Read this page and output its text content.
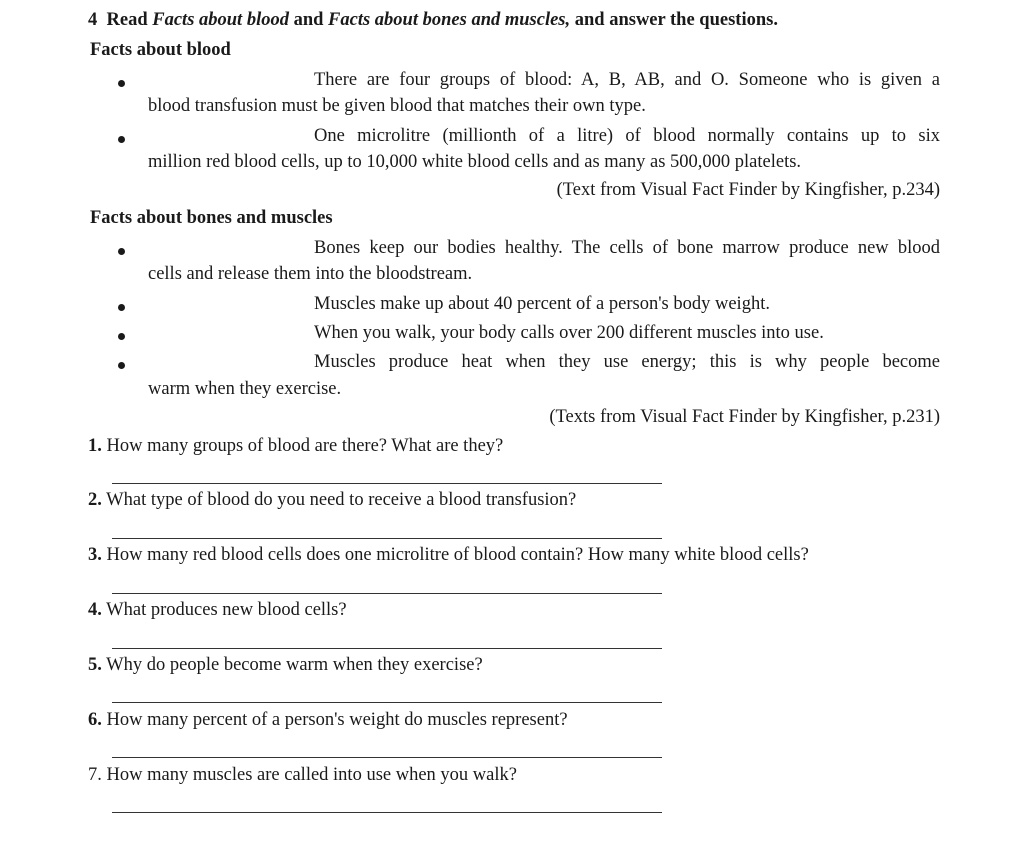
4 Read Facts about blood and Facts about bones and muscles, and answer the questions.
Facts about blood
There are four groups of blood: A, B, AB, and O. Someone who is given a
blood transfusion must be given blood that matches their own type.
One microlitre (millionth of a litre) of blood normally contains up to six
million red blood cells, up to 10,000 white blood cells and as many as 500,000 platelets.
(Text from Visual Fact Finder by Kingfisher, p.234)
Facts about bones and muscles
Bones keep our bodies healthy. The cells of bone marrow produce new blood
cells and release them into the bloodstream.
Muscles make up about 40 percent of a person's body weight.
When you walk, your body calls over 200 different muscles into use.
Muscles produce heat when they use energy; this is why people become
warm when they exercise.
(Texts from Visual Fact Finder by Kingfisher, p.231)
1. How many groups of blood are there? What are they?
2. What type of blood do you need to receive a blood transfusion?
3. How many red blood cells does one microlitre of blood contain? How many white blood cells?
4. What produces new blood cells?
5. Why do people become warm when they exercise?
6. How many percent of a person's weight do muscles represent?
7. How many muscles are called into use when you walk?
